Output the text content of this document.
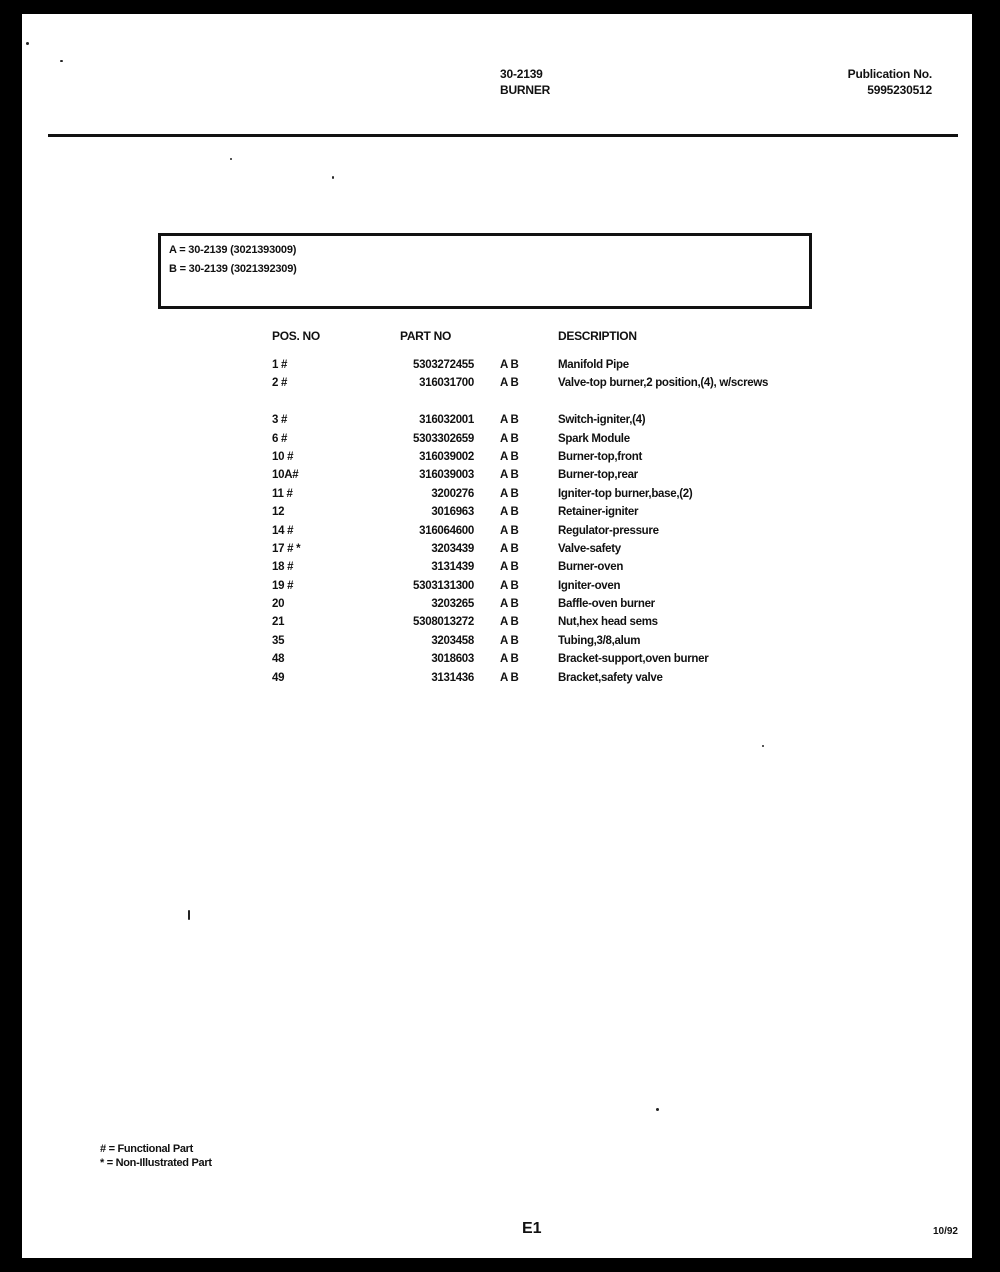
30-2139
BURNER
Publication No.
5995230512
A = 30-2139 (3021393009)
B = 30-2139 (3021392309)
POS. NO	PART NO	DESCRIPTION
1 #	5303272455 A B	Manifold Pipe
2 #	316031700 A B	Valve-top burner,2 position,(4), w/screws
3 #	316032001 A B	Switch-igniter,(4)
6 #	5303302659 A B	Spark Module
10 #	316039002 A B	Burner-top,front
10A#	316039003 A B	Burner-top,rear
11 #	3200276 A B	Igniter-top burner,base,(2)
12	3016963 A B	Retainer-igniter
14 #	316064600 A B	Regulator-pressure
17 # *	3203439 A B	Valve-safety
18 #	3131439 A B	Burner-oven
19 #	5303131300 A B	Igniter-oven
20	3203265 A B	Baffle-oven burner
21	5308013272 A B	Nut,hex head sems
35	3203458 A B	Tubing,3/8,alum
48	3018603 A B	Bracket-support,oven burner
49	3131436 A B	Bracket,safety valve
# = Functional Part
* = Non-Illustrated Part
E1	10/92
